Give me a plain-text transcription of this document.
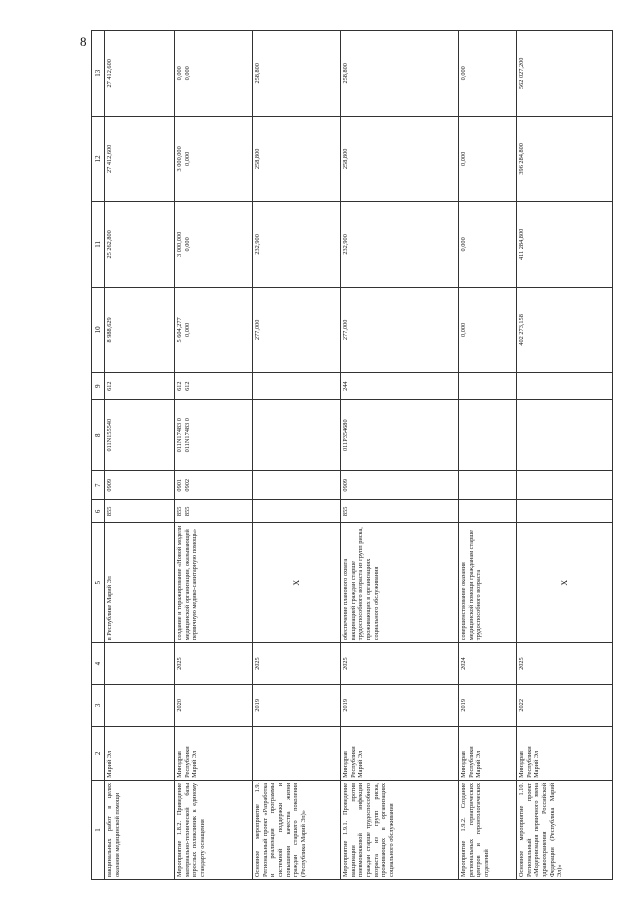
8
1	2	3	4	5	6	7	8	9	10	11	12	13
вакцинальных работ в целях оказания медицинской помощи	Марий Эл			в Республике Марий Эл	855	0909	011N155540	612	8 988,629	25 262,800	27 412,600	27 412,600

Мероприятие 1.8.2. Приведение материально-технической базы взрослых поликлиник к единому стандарту оснащения	Минздрав Республики Марий Эл	2020	2025	создание и тиражирование «Новой модели медицинской организации, оказывающей первичную медико-санитарную помощь»	855 855	0901 0902	011N17483 0 011N17483 0	612 612	5 604,277 0,000	3 000,000 0,000	3 000,000 0,000	0,000 0,000

Основное мероприятие 1.9. Региональный проект «Разработка и реализация программы системной поддержки и повышения качества жизни граждан старшего поколения (Республика Марий Эл)»		2019	2025	X					277,000	232,900	258,800	258,800

Мероприятие 1.9.1. Проведение вакцинации против пневмококковой инфекции граждан старше трудоспособного возраста из групп риска, проживающих в организациях социального обслуживания	Минздрав Республики Марий Эл	2019	2025	обеспечение планового охвата вакцинацией граждан старше трудоспособного возраста из групп риска, проживающих в организациях социального обслуживания	855	0909	011P354680	244	277,000	232,900	258,800	258,800

Мероприятие 1.9.2. Создание региональных гериатрических центров и геронтологических отделений	Минздрав Республики Марий Эл	2019	2024	совершенствование оказания медицинской помощи гражданам старше трудоспособного возраста					0,000	0,000	0,000	0,000

Основное мероприятие 1.10. Региональный проект «Модернизация первичного звена здравоохранения Российской Федерации (Республика Марий Эл)»	Минздрав Республики Марий Эл	2022	2025	X					402 273,158	411 284,800	396 284,800	562 027,200
